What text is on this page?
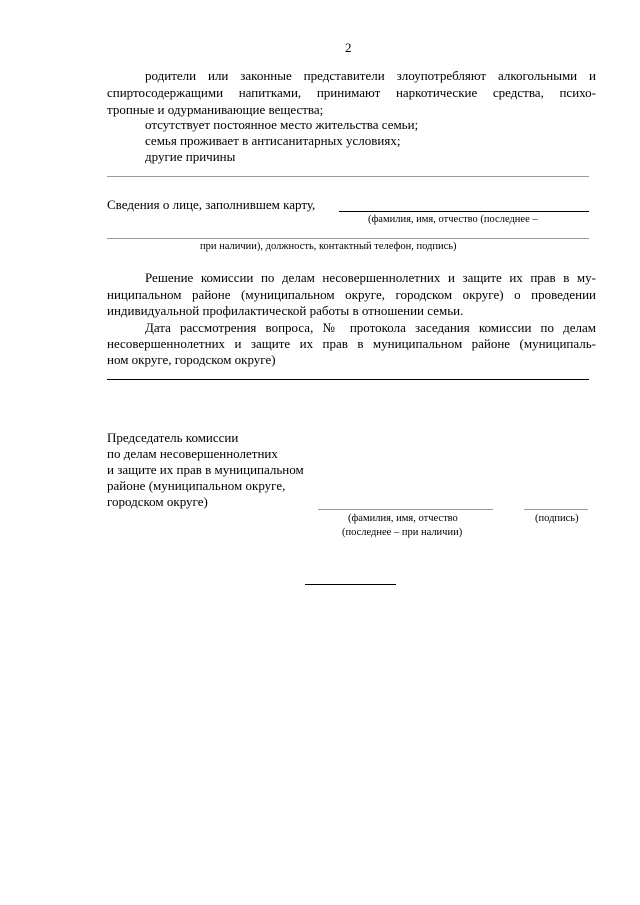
2
родители или законные представители злоупотребляют алкогольными и
спиртосодержащими напитками, принимают наркотические средства, психо-
тропные и одурманивающие вещества;
отсутствует постоянное место жительства семьи;
семья проживает в антисанитарных условиях;
другие причины
Сведения о лице, заполнившем карту,
(фамилия, имя, отчество (последнее –
при наличии), должность, контактный телефон, подпись)
Решение комиссии по делам несовершеннолетних и защите их прав в му-
ниципальном районе (муниципальном округе, городском округе) о проведении
индивидуальной профилактической работы в отношении семьи.
Дата рассмотрения вопроса, № протокола заседания комиссии по делам
несовершеннолетних и защите их прав в муниципальном районе (муниципаль-
ном округе, городском округе)
Председатель комиссии
по делам несовершеннолетних
и защите их прав в муниципальном
районе (муниципальном округе,
городском округе)
(фамилия, имя, отчество
(последнее – при наличии)
(подпись)
